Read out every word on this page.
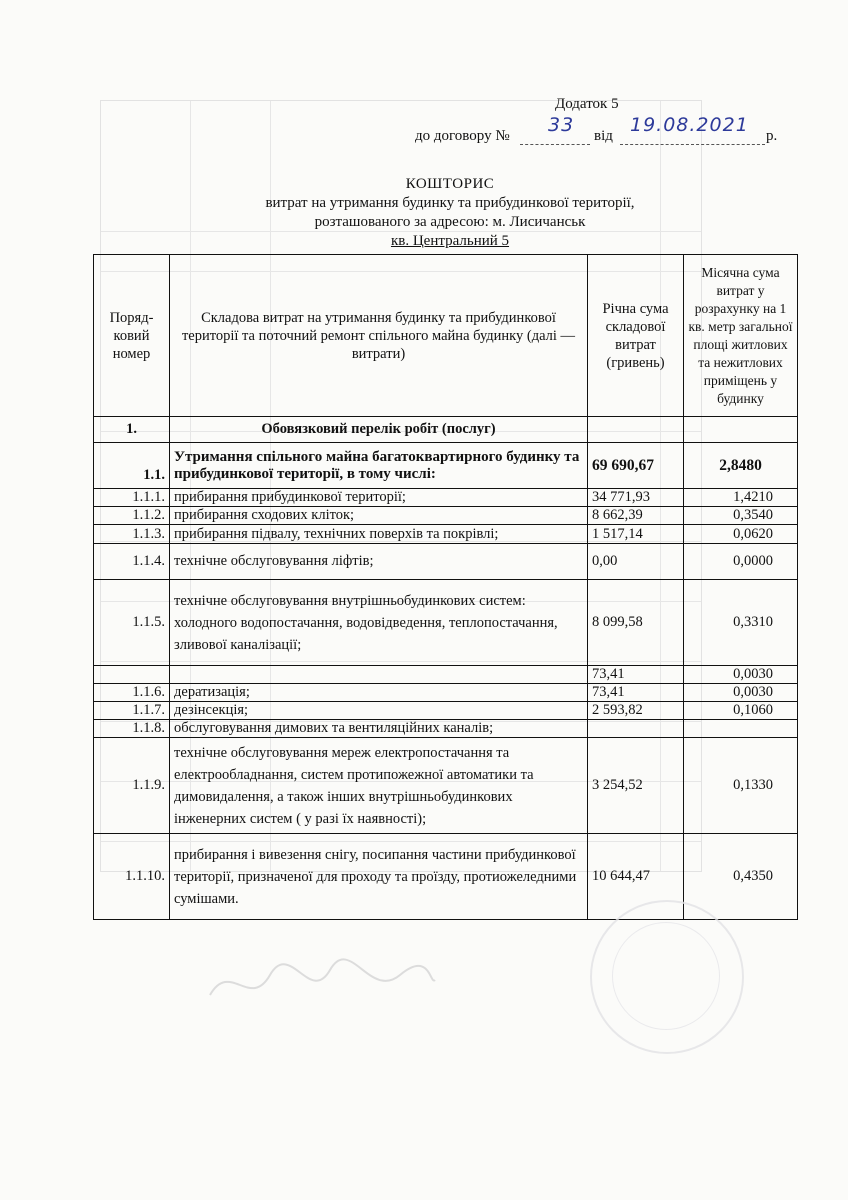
Додаток 5
до договору № 33 від 19.08.2021 р.
КОШТОРИС
витрат на утримання будинку та прибудинкової території,
розташованого за адресою: м. Лисичанськ
кв. Центральний 5
Поряд-ковий номер	Складова витрат на утримання будинку та прибудинкової території та поточний ремонт спільного майна будинку (далі — витрати)	Річна сума складової витрат (гривень)	Місячна сума витрат у розрахунку на 1 кв. метр загальної площі житлових та нежитлових приміщень у будинку
1.	Обовязковий перелік робіт (послуг)		
1.1.	Утримання спільного майна багатоквартирного будинку та прибудинкової території, в тому числі:	69 690,67	2,8480
1.1.1.	прибирання прибудинкової території;	34 771,93	1,4210
1.1.2.	прибирання сходових кліток;	8 662,39	0,3540
1.1.3.	прибирання підвалу, технічних поверхів та покрівлі;	1 517,14	0,0620
1.1.4.	технічне обслуговування ліфтів;	0,00	0,0000
1.1.5.	технічне обслуговування внутрішньобудинкових систем: холодного водопостачання, водовідведення, теплопостачання, зливової каналізації;	8 099,58	0,3310
		73,41	0,0030
1.1.6.	дератизація;	73,41	0,0030
1.1.7.	дезінсекція;	2 593,82	0,1060
1.1.8.	обслуговування димових та вентиляційних каналів;		
1.1.9.	технічне обслуговування мереж електропостачання та електрообладнання, систем протипожежної автоматики та димовидалення, а також інших внутрішньобудинкових інженерних систем ( у разі їх наявності);	3 254,52	0,1330
1.1.10.	прибирання і вивезення снігу, посипання частини прибудинкової території, призначеної для проходу та проїзду, протиожеледними сумішами.	10 644,47	0,4350
